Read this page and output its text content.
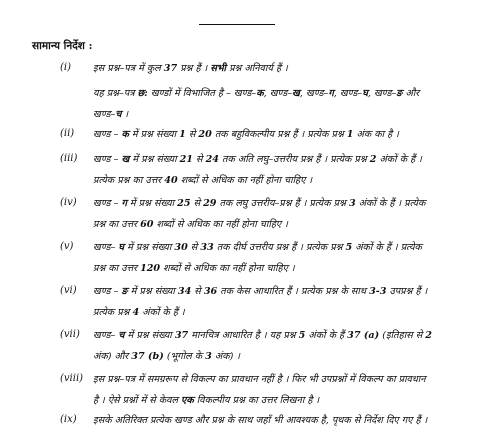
सामान्य निर्देश :
(i) इस प्रश्न–पत्र में कुल 37 प्रश्न हैं । सभी प्रश्न अनिवार्य हैं ।
यह प्रश्न–पत्र छ: खण्डों में विभाजित है – खण्ड–क, खण्ड–ख, खण्ड–ग, खण्ड–घ, खण्ड–ङ और
खण्ड–च ।
(ii) खण्ड – क में प्रश्न संख्या 1 से 20 तक बहुविकल्पीय प्रश्न हैं । प्रत्येक प्रश्न 1 अंक का है ।
(iii) खण्ड – ख में प्रश्न संख्या 21 से 24 तक अति लघु–उत्तरीय प्रश्न हैं । प्रत्येक प्रश्न 2 अंकों के हैं ।
प्रत्येक प्रश्न का उत्तर 40 शब्दों से अधिक का नहीं होना चाहिए ।
(iv) खण्ड – ग में प्रश्न संख्या 25 से 29 तक लघु उत्तरीय–प्रश्न हैं । प्रत्येक प्रश्न 3 अंकों के हैं । प्रत्येक
प्रश्न का उत्तर 60 शब्दों से अधिक का नहीं होना चाहिए ।
(v) खण्ड– घ में प्रश्न संख्या 30 से 33 तक दीर्घ उत्तरीय प्रश्न हैं । प्रत्येक प्रश्न 5 अंकों के हैं । प्रत्येक
प्रश्न का उत्तर 120 शब्दों से अधिक का नहीं होना चाहिए ।
(vi) खण्ड – ङ में प्रश्न संख्या 34 से 36 तक केस आधारित हैं । प्रत्येक प्रश्न के साथ 3-3 उपप्रश्न हैं ।
प्रत्येक प्रश्न 4 अंकों के हैं ।
(vii) खण्ड– च में प्रश्न संख्या 37 मानचित्र आधारित है । यह प्रश्न 5 अंकों के हैं 37 (a) (इतिहास से 2
अंक) और 37 (b) (भूगोल के 3 अंक) ।
(viii) इस प्रश्न–पत्र में समग्ररूप से विकल्प का प्रावधान नहीं है । फिर भी उपप्रश्नों में विकल्प का प्रावधान
है । ऐसे प्रश्नों में से केवल एक विकल्पीय प्रश्न का उत्तर लिखना है ।
(ix) इसके अतिरिक्त प्रत्येक खण्ड और प्रश्न के साथ जहाँ भी आवश्यक है, पृथक से निर्देश दिए गए हैं ।
